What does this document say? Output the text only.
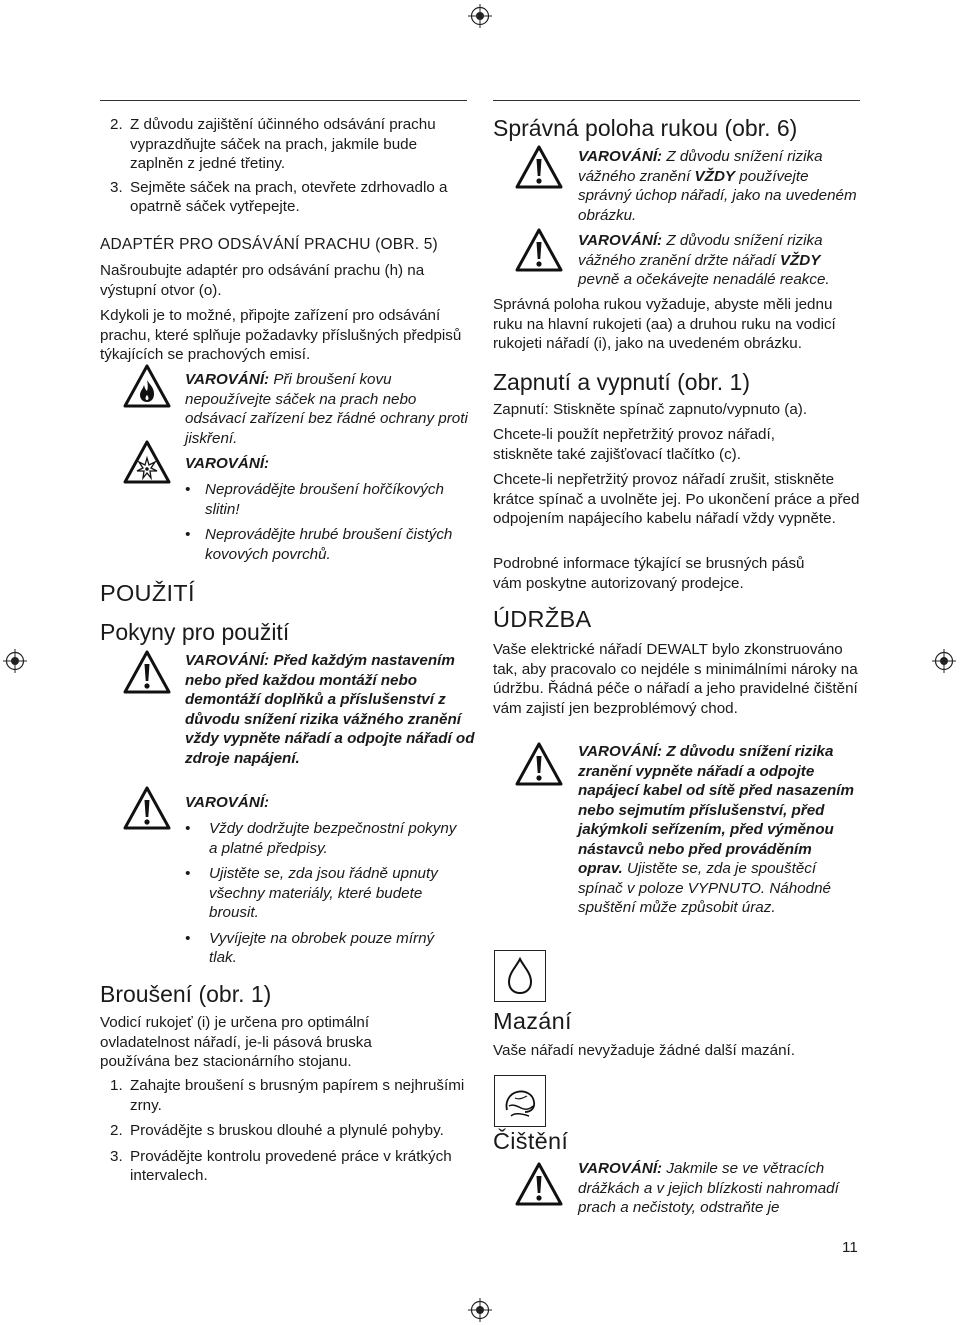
2. Z důvodu zajištění účinného odsávání prachu vyprazdňujte sáček na prach, jakmile bude zaplněn z jedné třetiny.
3. Sejměte sáček na prach, otevřete zdrhovadlo a opatrně sáček vytřepejte.
ADAPTÉR PRO ODSÁVÁNÍ PRACHU (OBR. 5)
Našroubujte adaptér pro odsávání prachu (h) na výstupní otvor (o).
Kdykoli je to možné, připojte zařízení pro odsávání prachu, které splňuje požadavky příslušných předpisů týkajících se prachových emisí.
VAROVÁNÍ: Při broušení kovu nepoužívejte sáček na prach nebo odsávací zařízení bez řádné ochrany proti jiskření.
VAROVÁNÍ:
• Neprovádějte broušení hořčíkových slitin!
• Neprovádějte hrubé broušení čistých kovových povrchů.
POUŽITÍ
Pokyny pro použití
VAROVÁNÍ: Před každým nastavením nebo před každou montáží nebo demontáží doplňků a příslušenství z důvodu snížení rizika vážného zranění vždy vypněte nářadí a odpojte nářadí od zdroje napájení.
VAROVÁNÍ:
• Vždy dodržujte bezpečnostní pokyny a platné předpisy.
• Ujistěte se, zda jsou řádně upnuty všechny materiály, které budete brousit.
• Vyvíjejte na obrobek pouze mírný tlak.
Broušení (obr. 1)
Vodicí rukojeť (i) je určena pro optimální ovladatelnost nářadí, je-li pásová bruska používána bez stacionárního stojanu.
1. Zahajte broušení s brusným papírem s nejhrušími zrny.
2. Provádějte s bruskou dlouhé a plynulé pohyby.
3. Provádějte kontrolu provedené práce v krátkých intervalech.
Správná poloha rukou (obr. 6)
VAROVÁNÍ: Z důvodu snížení rizika vážného zranění VŽDY používejte správný úchop nářadí, jako na uvedeném obrázku.
VAROVÁNÍ: Z důvodu snížení rizika vážného zranění držte nářadí VŽDY pevně a očekávejte nenadálé reakce.
Správná poloha rukou vyžaduje, abyste měli jednu ruku na hlavní rukojeti (aa) a druhou ruku na vodicí rukojeti nářadí (i), jako na uvedeném obrázku.
Zapnutí a vypnutí (obr. 1)
Zapnutí: Stiskněte spínač zapnuto/vypnuto (a).
Chcete-li použít nepřetržitý provoz nářadí, stiskněte také zajišťovací tlačítko (c).
Chcete-li nepřetržitý provoz nářadí zrušit, stiskněte krátce spínač a uvolněte jej. Po ukončení práce a před odpojením napájecího kabelu nářadí vždy vypněte.
Podrobné informace týkající se brusných pásů vám poskytne autorizovaný prodejce.
ÚDRŽBA
Vaše elektrické nářadí DEWALT bylo zkonstruováno tak, aby pracovalo co nejdéle s minimálními nároky na údržbu. Řádná péče o nářadí a jeho pravidelné čištění vám zajistí jen bezproblémový chod.
VAROVÁNÍ: Z důvodu snížení rizika zranění vypněte nářadí a odpojte napájecí kabel od sítě před nasazením nebo sejmutím příslušenství, před jakýmkoli seřízením, před výměnou nástavců nebo před prováděním oprav. Ujistěte se, zda je spouštěcí spínač v poloze VYPNUTO. Náhodné spuštění může způsobit úraz.
Mazání
Vaše nářadí nevyžaduje žádné další mazání.
Čištění
VAROVÁNÍ: Jakmile se ve větracích drážkách a v jejich blízkosti nahromadí prach a nečistoty, odstraňte je
11
